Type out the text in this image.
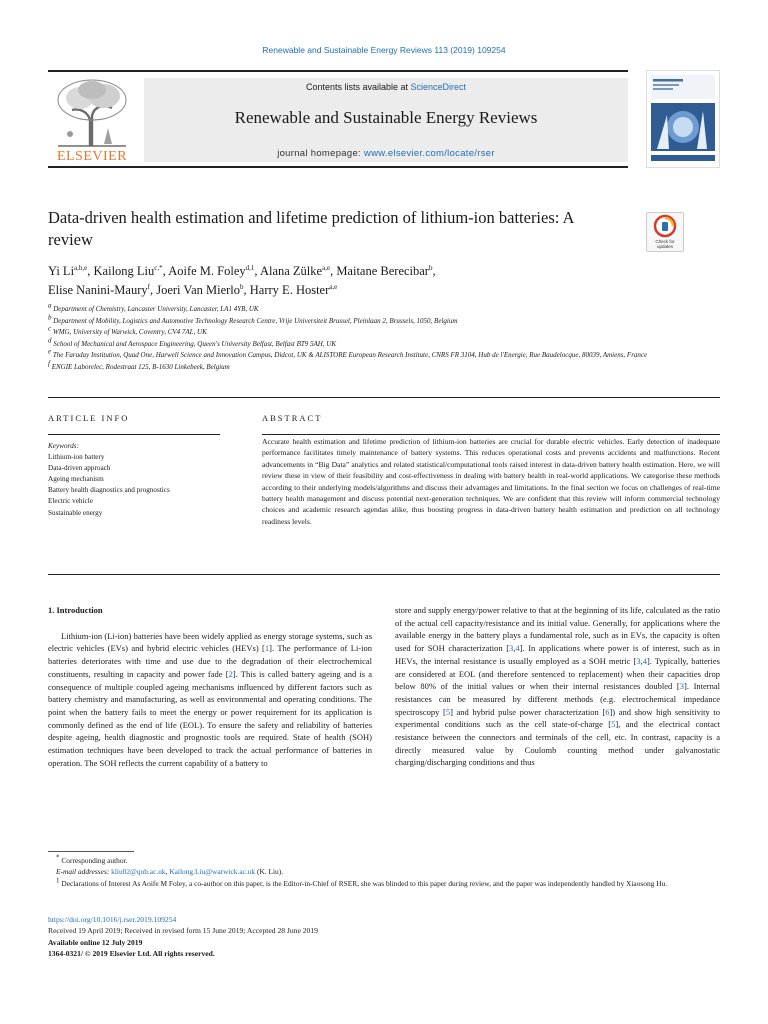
Renewable and Sustainable Energy Reviews 113 (2019) 109254
ELSEVIER
Contents lists available at ScienceDirect
Renewable and Sustainable Energy Reviews
journal homepage: www.elsevier.com/locate/rser
Data-driven health estimation and lifetime prediction of lithium-ion batteries: A review	Check for updates
Yi Li$^{a,b,e}$, Kailong Liu$^{c,*}$, Aoife M. Foley$^{d,1}$, Alana Zülke$^{a,e}$, Maitane Berecibar$^b$,
Elise Nanini-Maury$^f$, Joeri Van Mierlo$^b$, Harry E. Hoster$^{a,e}$
$^a$ Department of Chemistry, Lancaster University, Lancaster, LA1 4YB, UK
$^b$ Department of Mobility, Logistics and Automotive Technology Research Centre, Vrije Universiteit Brussel, Pleinlaan 2, Brussels, 1050, Belgium
$^c$ WMG, University of Warwick, Coventry, CV4 7AL, UK
$^d$ School of Mechanical and Aerospace Engineering, Queen's University Belfast, Belfast BT9 5AH, UK
$^e$ The Faraday Institution, Quad One, Harwell Science and Innovation Campus, Didcot, UK & ALISTORE European Research Institute, CNRS FR 3104, Hub de l'Energie, Rue Baudelocque, 80039, Amiens, France
$^f$ ENGIE Laborelec, Rodestraat 125, B-1630 Linkebeek, Belgium
ARTICLE INFO	ABSTRACT
Keywords:
Lithium-ion battery
Data-driven approach
Ageing mechanism
Battery health diagnostics and prognostics
Electric vehicle
Sustainable energy
Accurate health estimation and lifetime prediction of lithium-ion batteries are crucial for durable electric vehicles. Early detection of inadequate performance facilitates timely maintenance of battery systems. This reduces operational costs and prevents accidents and malfunctions. Recent advancements in “Big Data” analytics and related statistical/computational tools raised interest in data-driven battery health estimation. Here, we will review these in view of their feasibility and cost-effectiveness in dealing with battery health in real-world applications. We categorise these methods according to their underlying models/algorithms and discuss their advantages and limitations. In the final section we focus on challenges of real-time battery health management and discuss potential next-generation techniques. We are confident that this review will inform commercial technology choices and academic research agendas alike, thus boosting progress in data-driven battery health estimation and prediction on all technology readiness levels.
1. Introduction

Lithium-ion (Li-ion) batteries have been widely applied as energy storage systems, such as electric vehicles (EVs) and hybrid electric vehicles (HEVs) [1]. The performance of Li-ion batteries deteriorates with time and use due to the degradation of their electrochemical constituents, resulting in capacity and power fade [2]. This is called battery ageing and is a consequence of multiple coupled ageing mechanisms influenced by different factors such as battery chemistry and manufacturing, as well as environmental and operating conditions. The point when the battery fails to meet the energy or power requirement for its application is commonly defined as the end of life (EOL). To ensure the safety and reliability of batteries despite ageing, health diagnostic and prognostic tools are required. State of health (SOH) estimation techniques have been developed to track the actual performance of batteries in operation. The SOH reflects the current capability of a battery to

store and supply energy/power relative to that at the beginning of its life, calculated as the ratio of the actual cell capacity/resistance and its initial value. Generally, for applications where the available energy in the battery plays a fundamental role, such as in EVs, the capacity is often used for SOH characterization [3,4]. In applications where power is of interest, such as in HEVs, the internal resistance is usually employed as a SOH metric [3,4]. Typically, batteries are considered at EOL (and therefore sentenced to replacement) when their capacities drop below 80% of the initial values or when their internal resistances doubled [3]. Internal resistances can be measured by different methods (e.g. electrochemical impedance spectroscopy [5] and hybrid pulse power characterization [6]) and show high sensitivity to experimental conditions such as the cell state-of-charge [5], and the electrical contact resistance between the connectors and terminals of the cell, etc. In contrast, capacity is a directly measured value by Coulomb counting method under galvanostatic charging/discharging conditions and thus

* Corresponding author.
E-mail addresses: kliu02@qub.ac.uk, Kailong.Liu@warwick.ac.uk (K. Liu).
$^1$ Declarations of Interest As Aoife M Foley, a co-author on this paper, is the Editor-in-Chief of RSER, she was blinded to this paper during review, and the paper was independently handled by Xiaosong Hu.
https://doi.org/10.1016/j.rser.2019.109254
Received 19 April 2019; Received in revised form 15 June 2019; Accepted 28 June 2019
Available online 12 July 2019
1364-0321/ © 2019 Elsevier Ltd. All rights reserved.
